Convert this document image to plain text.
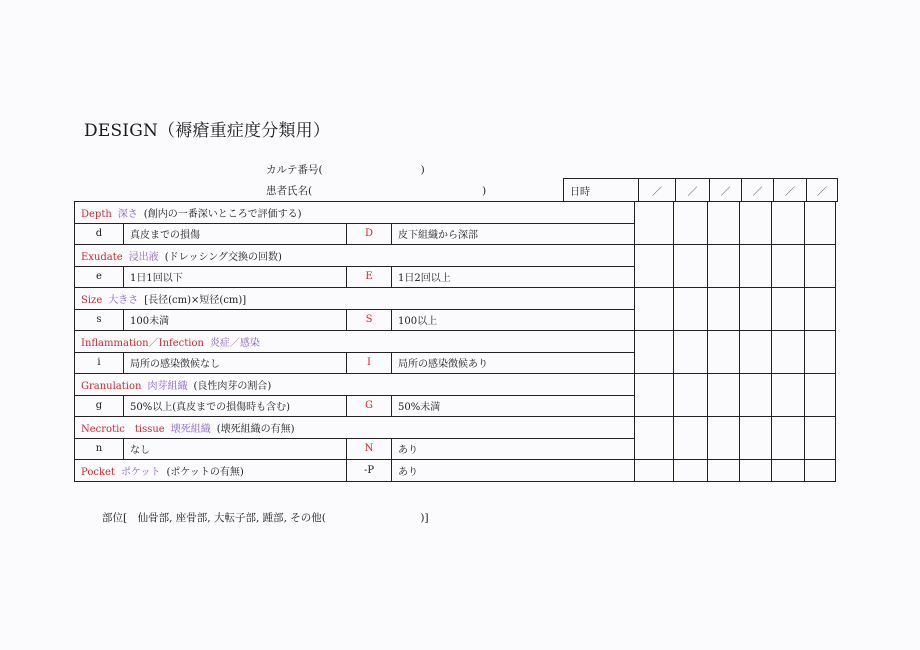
DESIGN（褥瘡重症度分類用）
カルテ番号(	)
患者氏名(	)	日時	／	／	／	／	／	／
Depth 深さ (創内の一番深いところで評価する)									
d	真皮までの損傷	D	皮下組織から深部						
Exudate 浸出液 (ドレッシング交換の回数)									
e	1日1回以下	E	1日2回以上						
Size 大きさ [長径(cm)×短径(cm)]									
s	100未満	S	100以上						
Inflammation／Infection 炎症／感染									
i	局所の感染徴候なし	I	局所の感染徴候あり						
Granulation 肉芽組織 (良性肉芽の割合)									
g	50%以上(真皮までの損傷時も含む)	G	50%未満						
Necrotic　tissue 壊死組織 (壊死組織の有無)									
n	なし	N	あり						
Pocket ポケット (ポケットの有無)		-P	あり						
部位[　仙骨部, 座骨部, 大転子部, 踵部, その他(　　　　　　　　　)]
